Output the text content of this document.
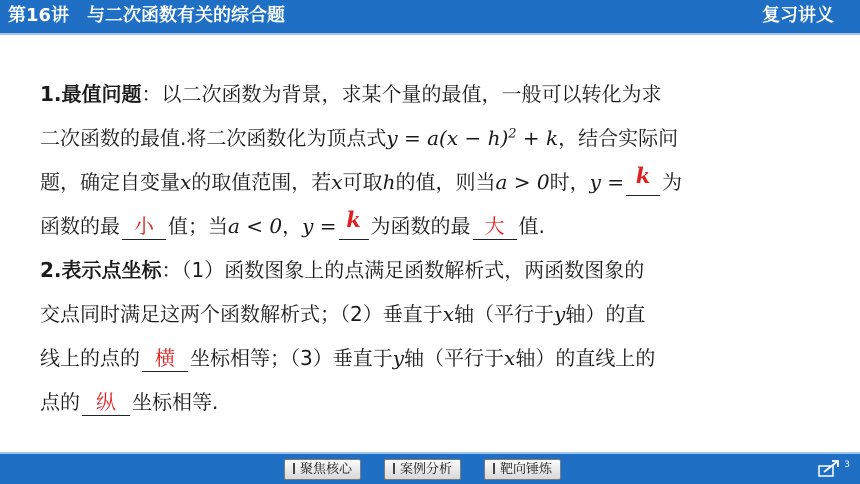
第16讲　与二次函数有关的综合题	复习讲义
1.最值问题：以二次函数为背景，求某个量的最值，一般可以转化为求
二次函数的最值.将二次函数化为顶点式$y = a(x - h)^2 + k$，结合实际问
题，确定自变量x的取值范围，若x可取h的值，则当a > 0时，y = k 为
函数的最 小 值；当a < 0，y = k 为函数的最 大 值.
2.表示点坐标：（1）函数图象上的点满足函数解析式，两函数图象的
交点同时满足这两个函数解析式；（2）垂直于x轴（平行于y轴）的直
线上的点的 横 坐标相等；（3）垂直于y轴（平行于x轴）的直线上的
点的 纵 坐标相等.
聚焦核心	案例分析	靶向锤炼	3
